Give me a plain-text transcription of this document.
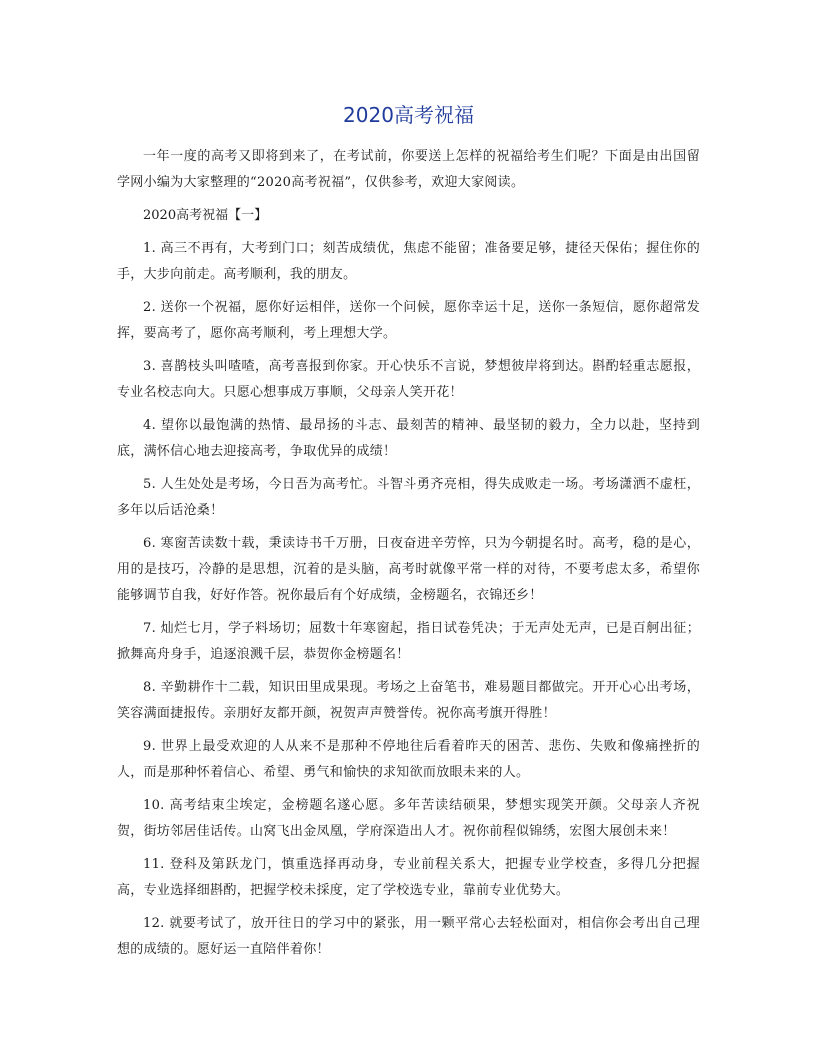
2020高考祝福

一年一度的高考又即将到来了，在考试前，你要送上怎样的祝福给考生们呢？下面是由出国留学网小编为大家整理的“2020高考祝福”，仅供参考，欢迎大家阅读。

2020高考祝福【一】

1. 高三不再有，大考到门口；刻苦成绩优，焦虑不能留；准备要足够，捷径天保佑；握住你的手，大步向前走。高考顺利，我的朋友。

2. 送你一个祝福，愿你好运相伴，送你一个问候，愿你幸运十足，送你一条短信，愿你超常发挥，要高考了，愿你高考顺利，考上理想大学。

3. 喜鹊枝头叫喳喳，高考喜报到你家。开心快乐不言说，梦想彼岸将到达。斟酌轻重志愿报，专业名校志向大。只愿心想事成万事顺，父母亲人笑开花！

4. 望你以最饱满的热情、最昂扬的斗志、最刻苦的精神、最坚韧的毅力，全力以赴，坚持到底，满怀信心地去迎接高考，争取优异的成绩！

5. 人生处处是考场，今日吾为高考忙。斗智斗勇齐亮相，得失成败走一场。考场潇洒不虚枉，多年以后话沧桑！

6. 寒窗苦读数十载，秉读诗书千万册，日夜奋进辛劳悴，只为今朝提名时。高考，稳的是心，用的是技巧，冷静的是思想，沉着的是头脑，高考时就像平常一样的对待，不要考虑太多，希望你能够调节自我，好好作答。祝你最后有个好成绩，金榜题名，衣锦还乡！

7. 灿烂七月，学子料场切；屈数十年寒窗起，指日试卷凭决；于无声处无声，已是百舸出征；掀舞高舟身手，追逐浪溅千层，恭贺你金榜题名！

8. 辛勤耕作十二载，知识田里成果现。考场之上奋笔书，难易题目都做完。开开心心出考场，笑容满面捷报传。亲朋好友都开颜，祝贺声声赞誉传。祝你高考旗开得胜！

9. 世界上最受欢迎的人从来不是那种不停地往后看着昨天的困苦、悲伤、失败和像痛挫折的人，而是那种怀着信心、希望、勇气和愉快的求知欲而放眼未来的人。

10. 高考结束尘埃定，金榜题名遂心愿。多年苦读结硕果，梦想实现笑开颜。父母亲人齐祝贺，街坊邻居佳话传。山窝飞出金凤凰，学府深造出人才。祝你前程似锦绣，宏图大展创未来！

11. 登科及第跃龙门，慎重选择再动身，专业前程关系大，把握专业学校查，多得几分把握高，专业选择细斟酌，把握学校未採度，定了学校选专业，靠前专业优势大。

12. 就要考试了，放开往日的学习中的紧张，用一颗平常心去轻松面对，相信你会考出自己理想的成绩的。愿好运一直陪伴着你！
